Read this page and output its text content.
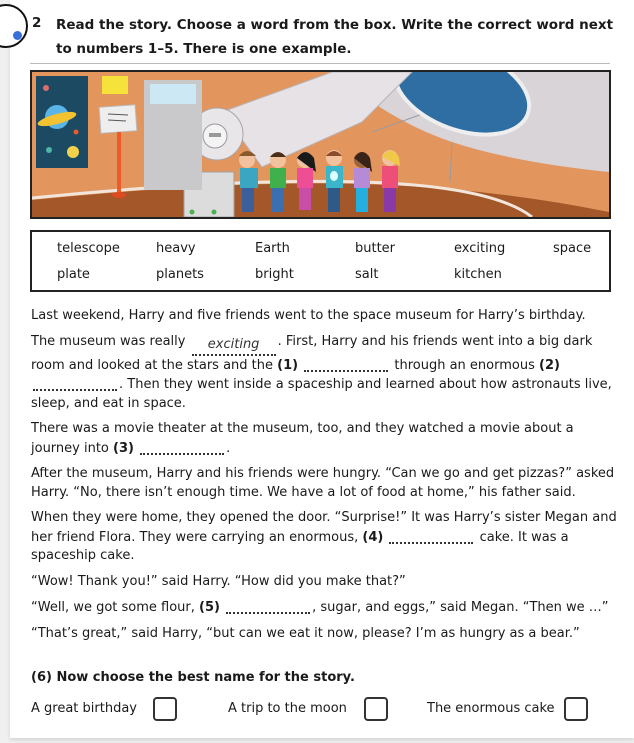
2 Read the story. Choose a word from the box. Write the correct word next to numbers 1–5. There is one example.
telescope	heavy	Earth	butter	exciting	space
plate	planets	bright	salt	kitchen

Last weekend, Harry and five friends went to the space museum for Harry’s birthday.

The museum was really exciting . First, Harry and his friends went into a big dark room and looked at the stars and the (1)	through an enormous (2) . Then they went inside a spaceship and learned about how astronauts live, sleep, and eat in space.

There was a movie theater at the museum, too, and they watched a movie about a journey into (3)	.

After the museum, Harry and his friends were hungry. “Can we go and get pizzas?” asked Harry. “No, there isn’t enough time. We have a lot of food at home,” his father said.

When they were home, they opened the door. “Surprise!” It was Harry’s sister Megan and her friend Flora. They were carrying an enormous, (4)	cake. It was a spaceship cake.

“Wow! Thank you!” said Harry. “How did you make that?”

“Well, we got some flour, (5)	, sugar, and eggs,” said Megan. “Then we …”

“That’s great,” said Harry, “but can we eat it now, please? I’m as hungry as a bear.”

(6) Now choose the best name for the story.
A great birthday	A trip to the moon	The enormous cake
